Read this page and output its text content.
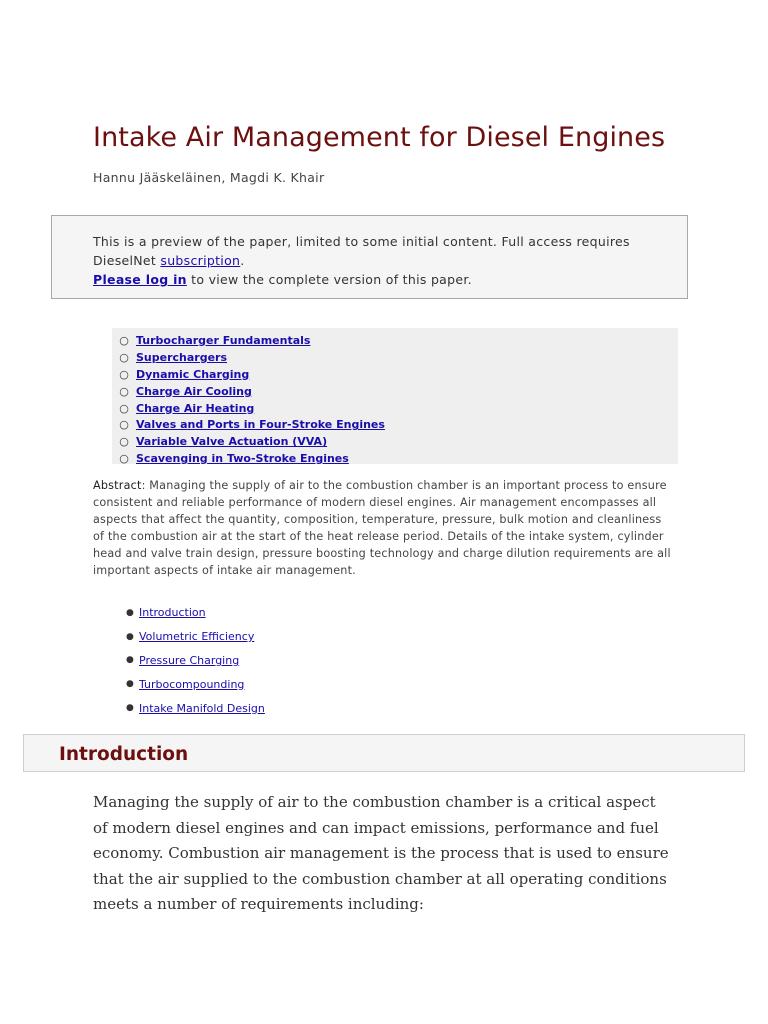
Intake Air Management for Diesel Engines
Hannu Jääskeläinen, Magdi K. Khair
This is a preview of the paper, limited to some initial content. Full access requires DieselNet subscription.
Please log in to view the complete version of this paper.
○ Turbocharger Fundamentals
○ Superchargers
○ Dynamic Charging
○ Charge Air Cooling
○ Charge Air Heating
○ Valves and Ports in Four-Stroke Engines
○ Variable Valve Actuation (VVA)
○ Scavenging in Two-Stroke Engines
Abstract: Managing the supply of air to the combustion chamber is an important process to ensure consistent and reliable performance of modern diesel engines. Air management encompasses all aspects that affect the quantity, composition, temperature, pressure, bulk motion and cleanliness of the combustion air at the start of the heat release period. Details of the intake system, cylinder head and valve train design, pressure boosting technology and charge dilution requirements are all important aspects of intake air management.
● Introduction
● Volumetric Efficiency
● Pressure Charging
● Turbocompounding
● Intake Manifold Design
Introduction

Managing the supply of air to the combustion chamber is a critical aspect of modern diesel engines and can impact emissions, performance and fuel economy. Combustion air management is the process that is used to ensure that the air supplied to the combustion chamber at all operating conditions meets a number of requirements including:
